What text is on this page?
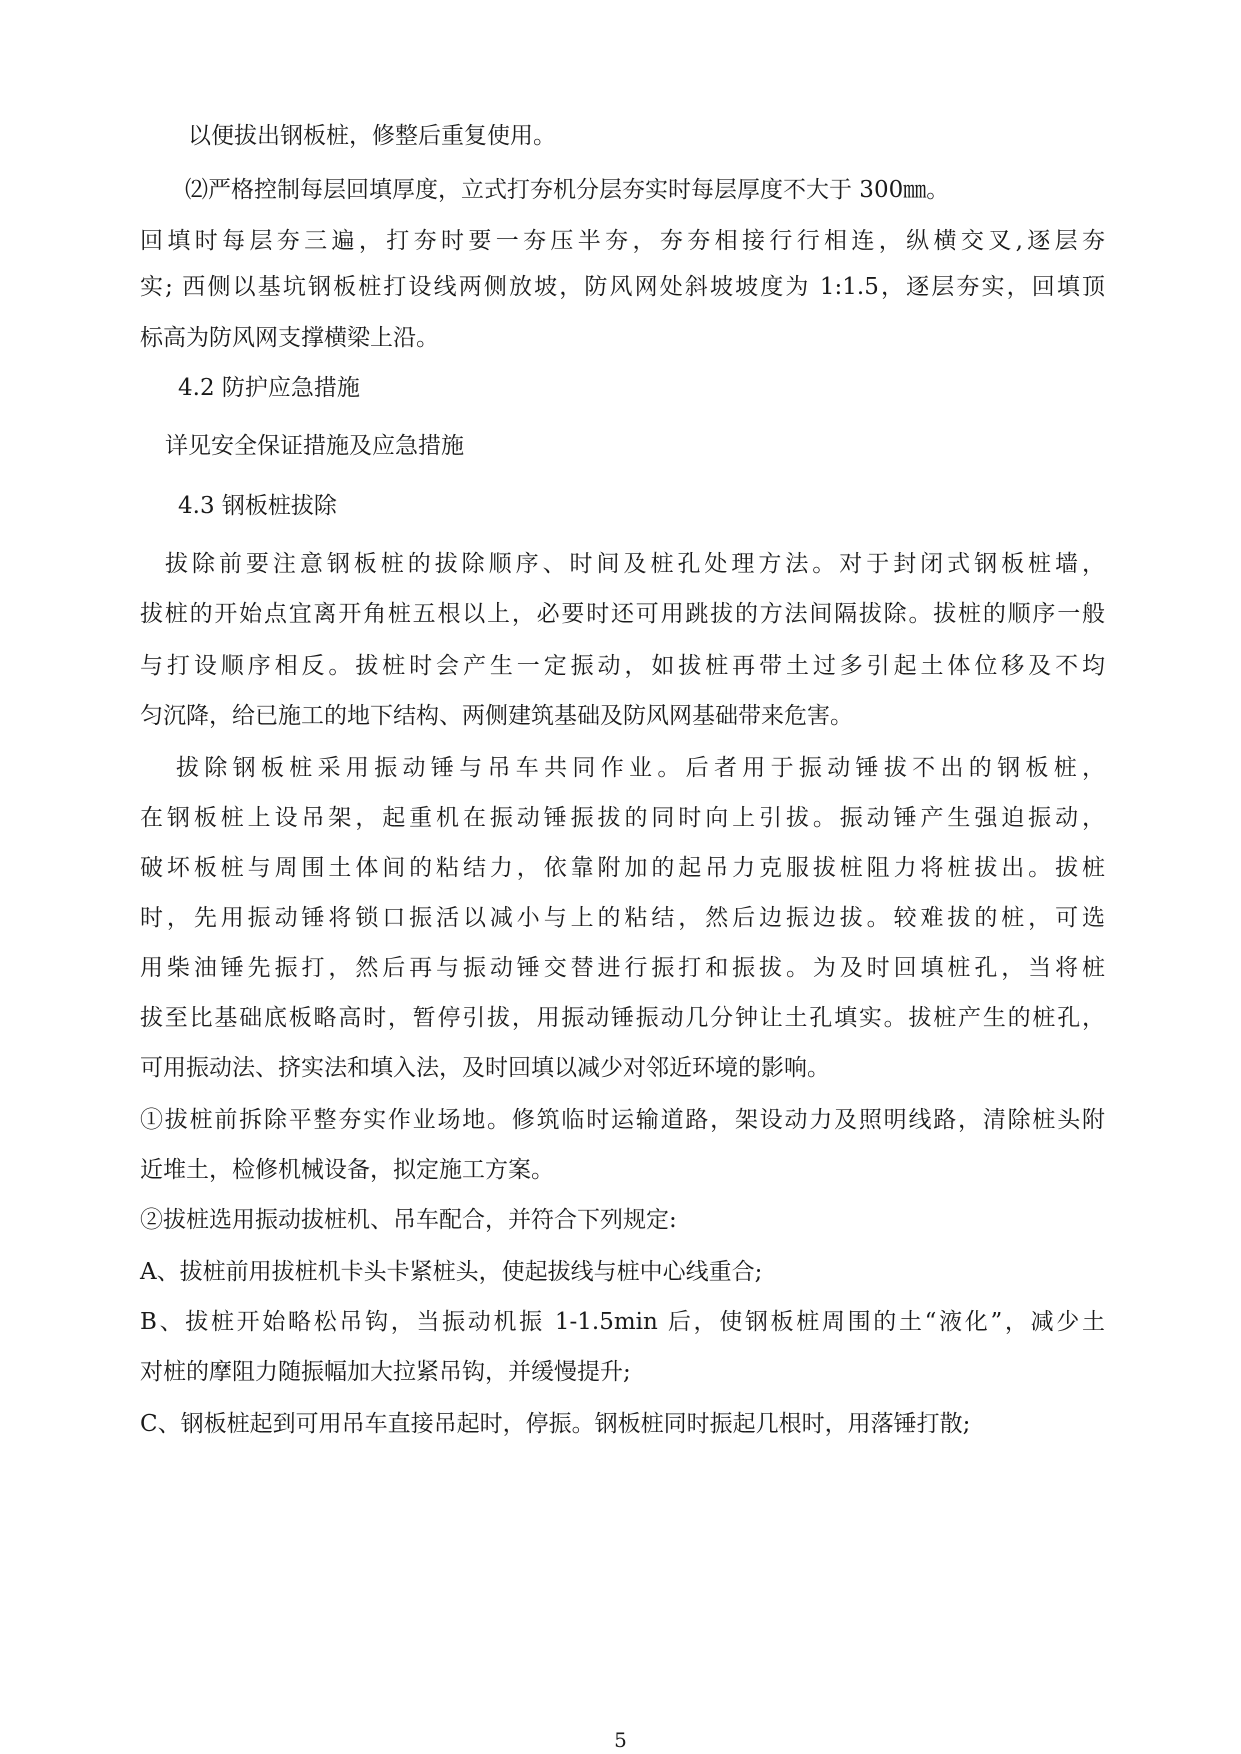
以便拔出钢板桩，修整后重复使用。
⑵严格控制每层回填厚度，立式打夯机分层夯实时每层厚度不大于 300㎜。
回填时每层夯三遍，打夯时要一夯压半夯，夯夯相接行行相连，纵横交叉,逐层夯
实; 西侧以基坑钢板桩打设线两侧放坡，防风网处斜坡坡度为 1:1.5，逐层夯实，回填顶
标高为防风网支撑横梁上沿。
4.2 防护应急措施
详见安全保证措施及应急措施
4.3 钢板桩拔除
拔除前要注意钢板桩的拔除顺序、时间及桩孔处理方法。对于封闭式钢板桩墙，
拔桩的开始点宜离开角桩五根以上，必要时还可用跳拔的方法间隔拔除。拔桩的顺序一般
与打设顺序相反。拔桩时会产生一定振动，如拔桩再带土过多引起土体位移及不均
匀沉降，给已施工的地下结构、两侧建筑基础及防风网基础带来危害。
拔除钢板桩采用振动锤与吊车共同作业。后者用于振动锤拔不出的钢板桩，
在钢板桩上设吊架，起重机在振动锤振拔的同时向上引拔。振动锤产生强迫振动，
破坏板桩与周围土体间的粘结力，依靠附加的起吊力克服拔桩阻力将桩拔出。拔桩
时，先用振动锤将锁口振活以减小与上的粘结，然后边振边拔。较难拔的桩，可选
用柴油锤先振打，然后再与振动锤交替进行振打和振拔。为及时回填桩孔，当将桩
拔至比基础底板略高时，暂停引拔，用振动锤振动几分钟让土孔填实。拔桩产生的桩孔，
可用振动法、挤实法和填入法，及时回填以减少对邻近环境的影响。
①拔桩前拆除平整夯实作业场地。修筑临时运输道路，架设动力及照明线路，清除桩头附
近堆土，检修机械设备，拟定施工方案。
②拔桩选用振动拔桩机、吊车配合，并符合下列规定:
A、拔桩前用拔桩机卡头卡紧桩头，使起拔线与桩中心线重合;
B、拔桩开始略松吊钩，当振动机振 1-1.5min 后，使钢板桩周围的土“液化”，减少土
对桩的摩阻力随振幅加大拉紧吊钩，并缓慢提升;
C、钢板桩起到可用吊车直接吊起时，停振。钢板桩同时振起几根时，用落锤打散;
5
